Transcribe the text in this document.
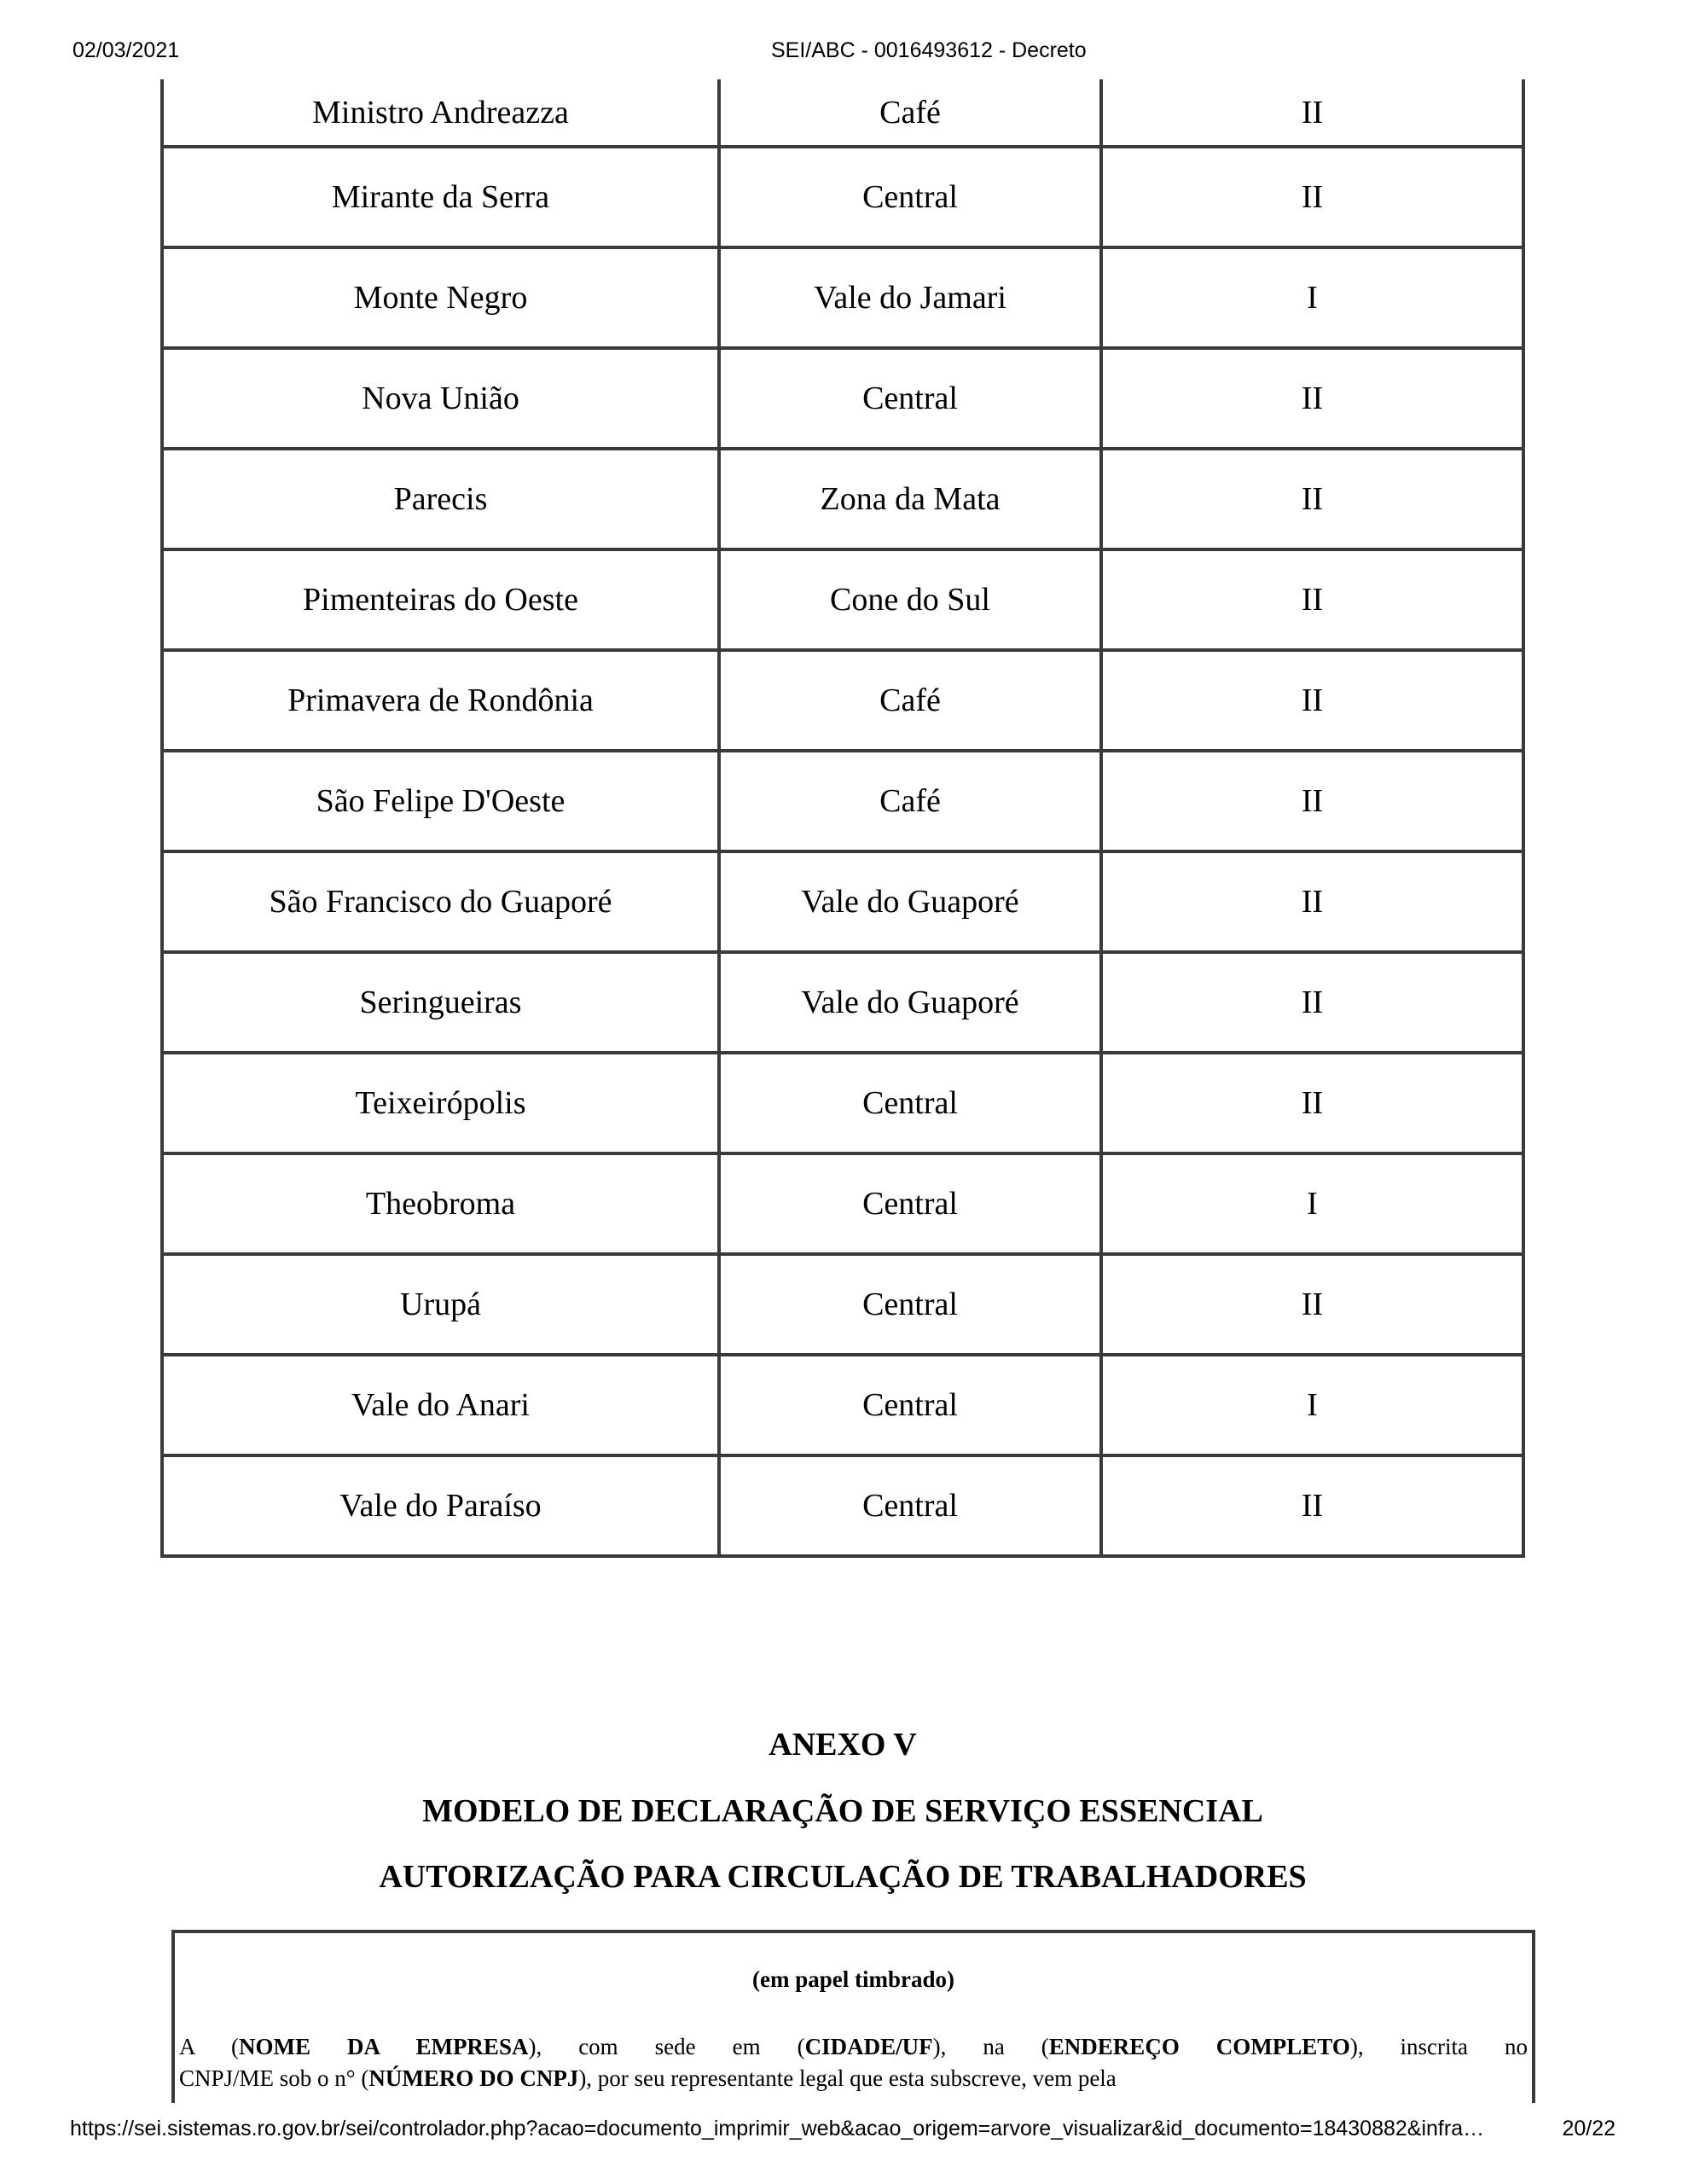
02/03/2021	SEI/ABC - 0016493612 - Decreto
Ministro Andreazza	Café	II
Mirante da Serra	Central	II
Monte Negro	Vale do Jamari	I
Nova União	Central	II
Parecis	Zona da Mata	II
Pimenteiras do Oeste	Cone do Sul	II
Primavera de Rondônia	Café	II
São Felipe D'Oeste	Café	II
São Francisco do Guaporé	Vale do Guaporé	II
Seringueiras	Vale do Guaporé	II
Teixeirópolis	Central	II
Theobroma	Central	I
Urupá	Central	II
Vale do Anari	Central	I
Vale do Paraíso	Central	II
ANEXO V
MODELO DE DECLARAÇÃO DE SERVIÇO ESSENCIAL
AUTORIZAÇÃO PARA CIRCULAÇÃO DE TRABALHADORES
(em papel timbrado)
A (NOME DA EMPRESA), com sede em (CIDADE/UF), na (ENDEREÇO COMPLETO), inscrita no
CNPJ/ME sob o n° (NÚMERO DO CNPJ), por seu representante legal que esta subscreve, vem pela
https://sei.sistemas.ro.gov.br/sei/controlador.php?acao=documento_imprimir_web&acao_origem=arvore_visualizar&id_documento=18430882&infra…	20/22
